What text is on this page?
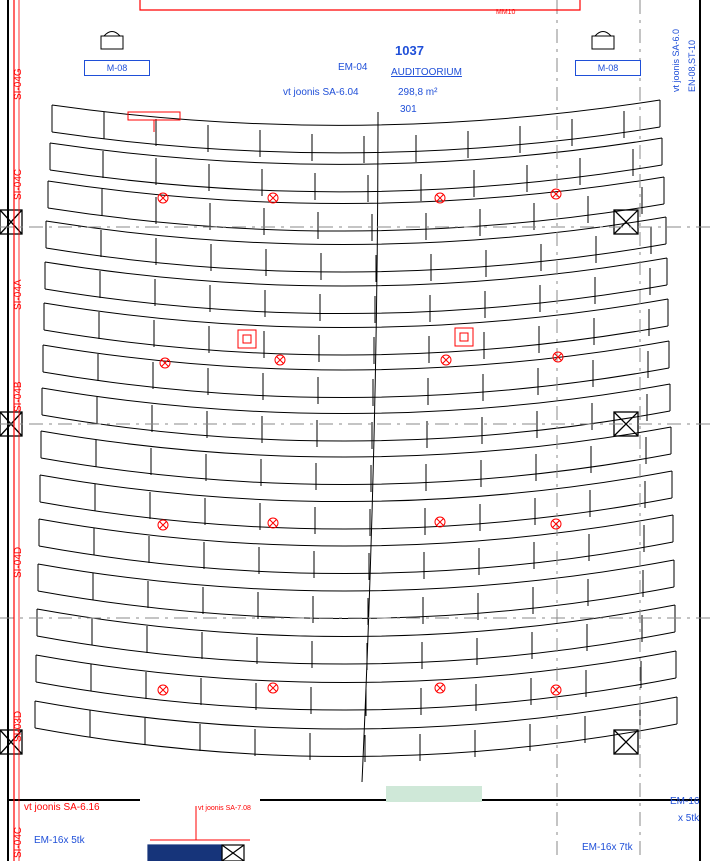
1037
AUDITOORIUM
298,8 m²
301
vt joonis SA-6.04
vt joonis SA-6.16	vt joonis SA-7.08
vt joonis SA-6.0 EN-08,ST-10
M-08	M-08
EM-04
MM10
EM-16x 5tk
EM-16x 7tk
EM-16
x 5tk
SI-04G
SI-04C
SI-04A
SI-04B
SI-04D
SI-03D
SI-04C
